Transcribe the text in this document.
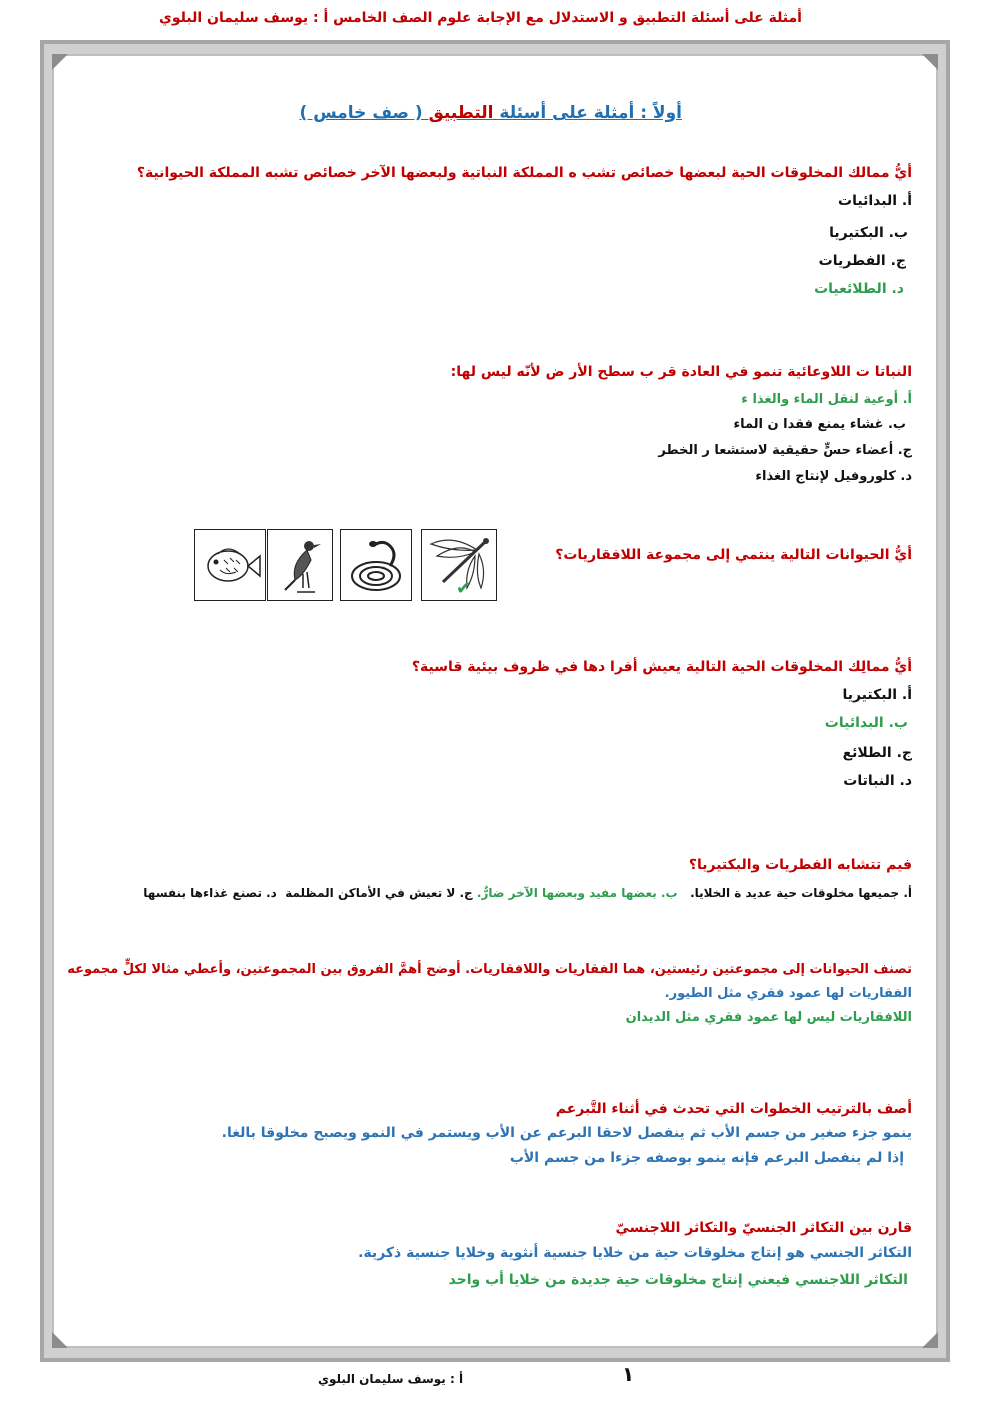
أمثلة على أسئلة التطبيق و الاستدلال مع الإجابة علوم الصف الخامس أ : يوسف سليمان البلوي
أولاً : أمثلة على أسئلة التطبيق ( صف خامس )
أيُّ ممالك المخلوقات الحية لبعضها خصائص تشب ه المملكة النباتية ولبعضها الآخر خصائص تشبه المملكة الحيوانية؟
أ. البدائيات
ب. البكتيريا
ج. الفطريات
د. الطلائعيات
النباتا ت اللاوعائية تنمو في العادة قر ب سطح الأر ض لأنّه ليس لها:
أ. أوعية لنقل الماء والغذا ء
ب. غشاء يمنع فقدا ن الماء
ج. أعضاء حسٍّ حقيقية لاستشعا ر الخطر
د. كلوروفيل لإنتاج الغذاء
أيُّ الحيوانات التالية ينتمي إلى مجموعة اللافقاريات؟
✔
أيُّ ممالِك المخلوقات الحية التالية يعيش أفرا دها في ظروف بيئية قاسية؟
أ. البكتيريا
ب. البدائيات
ج. الطلائع
د. النباتات
فيم تتشابه الفطريات والبكتيريا؟
أ. جميعها مخلوقات حية عديد ة الخلايا.   ب. بعضها مفيد وبعضها الآخر ضارٌّ. ج. لا تعيش في الأماكن المظلمة  د. تصنع غذاءها بنفسها
تصنف الحيوانات إلى مجموعتين رئيستين، هما الفقاريات واللافقاريات. أوضح أهمَّ الفروق بين المجموعتين، وأعطي مثالا لكلٍّ مجموعه
الفقاريات لها عمود فقري مثل الطيور.
اللافقاريات ليس لها عمود فقري مثل الديدان
أصف بالترتيب الخطوات التي تحدث في أثناء التَّبرعم
ينمو جزء صغير من جسم الأب ثم ينفصل لاحقا البرعم عن الأب ويستمر في النمو ويصبح مخلوقا بالغا.
إذا لم ينفصل البرعم فإنه ينمو بوصفه جزءا من جسم الأب
قارن بين التكاثر الجنسيّ والتكاثر اللاجنسيّ
التكاثر الجنسي هو إنتاج مخلوقات حية من خلايا جنسية أنثوية وخلايا جنسية ذكرية.
التكاثر اللاجنسي فيعني إنتاج مخلوقات حية جديدة من خلايا أب واحد
أ : يوسف سليمان البلوي	١
